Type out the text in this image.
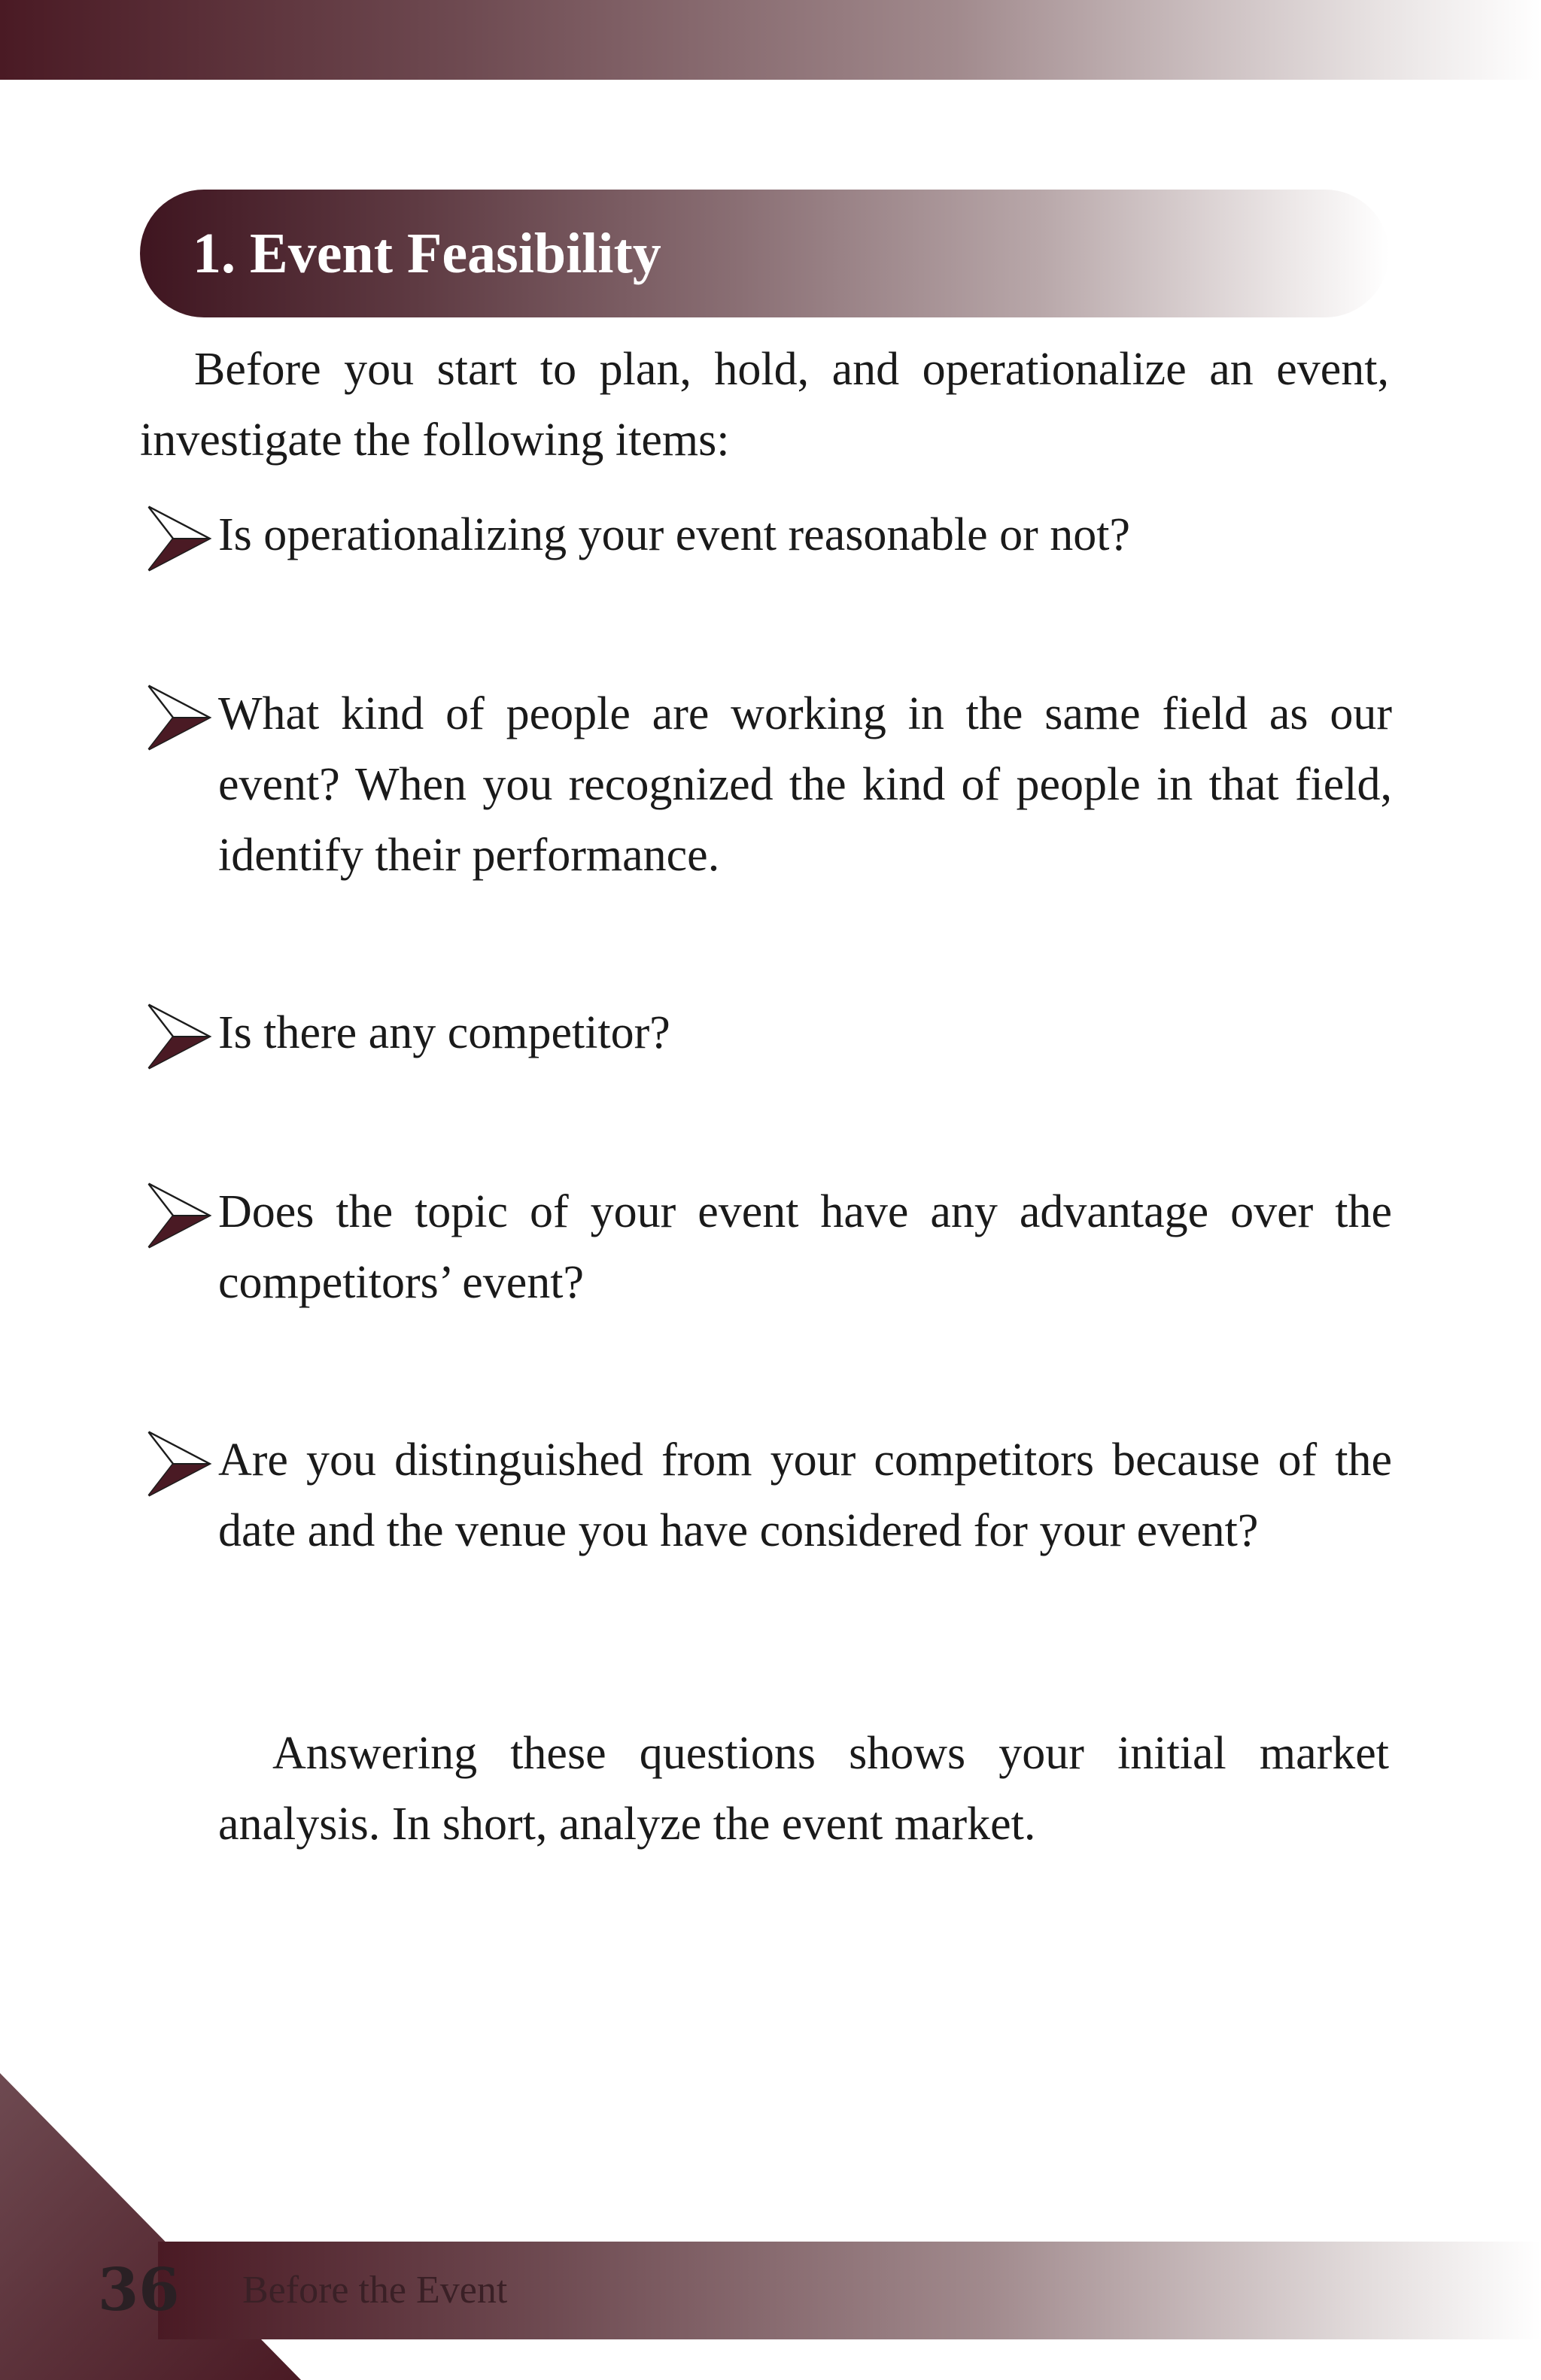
1. Event Feasibility

Before you start to plan, hold, and operationalize an event, investigate the following items:

Is operationalizing your event reasonable or not?

What kind of people are working in the same field as our event? When you recognized the kind of people in that field, identify their performance.

Is there any competitor?

Does the topic of your event have any advantage over the competitors’ event?

Are you distinguished from your competitors because of the date and the venue you have considered for your event?

Answering these questions shows your initial market analysis. In short, analyze the event market.

36 Before the Event
